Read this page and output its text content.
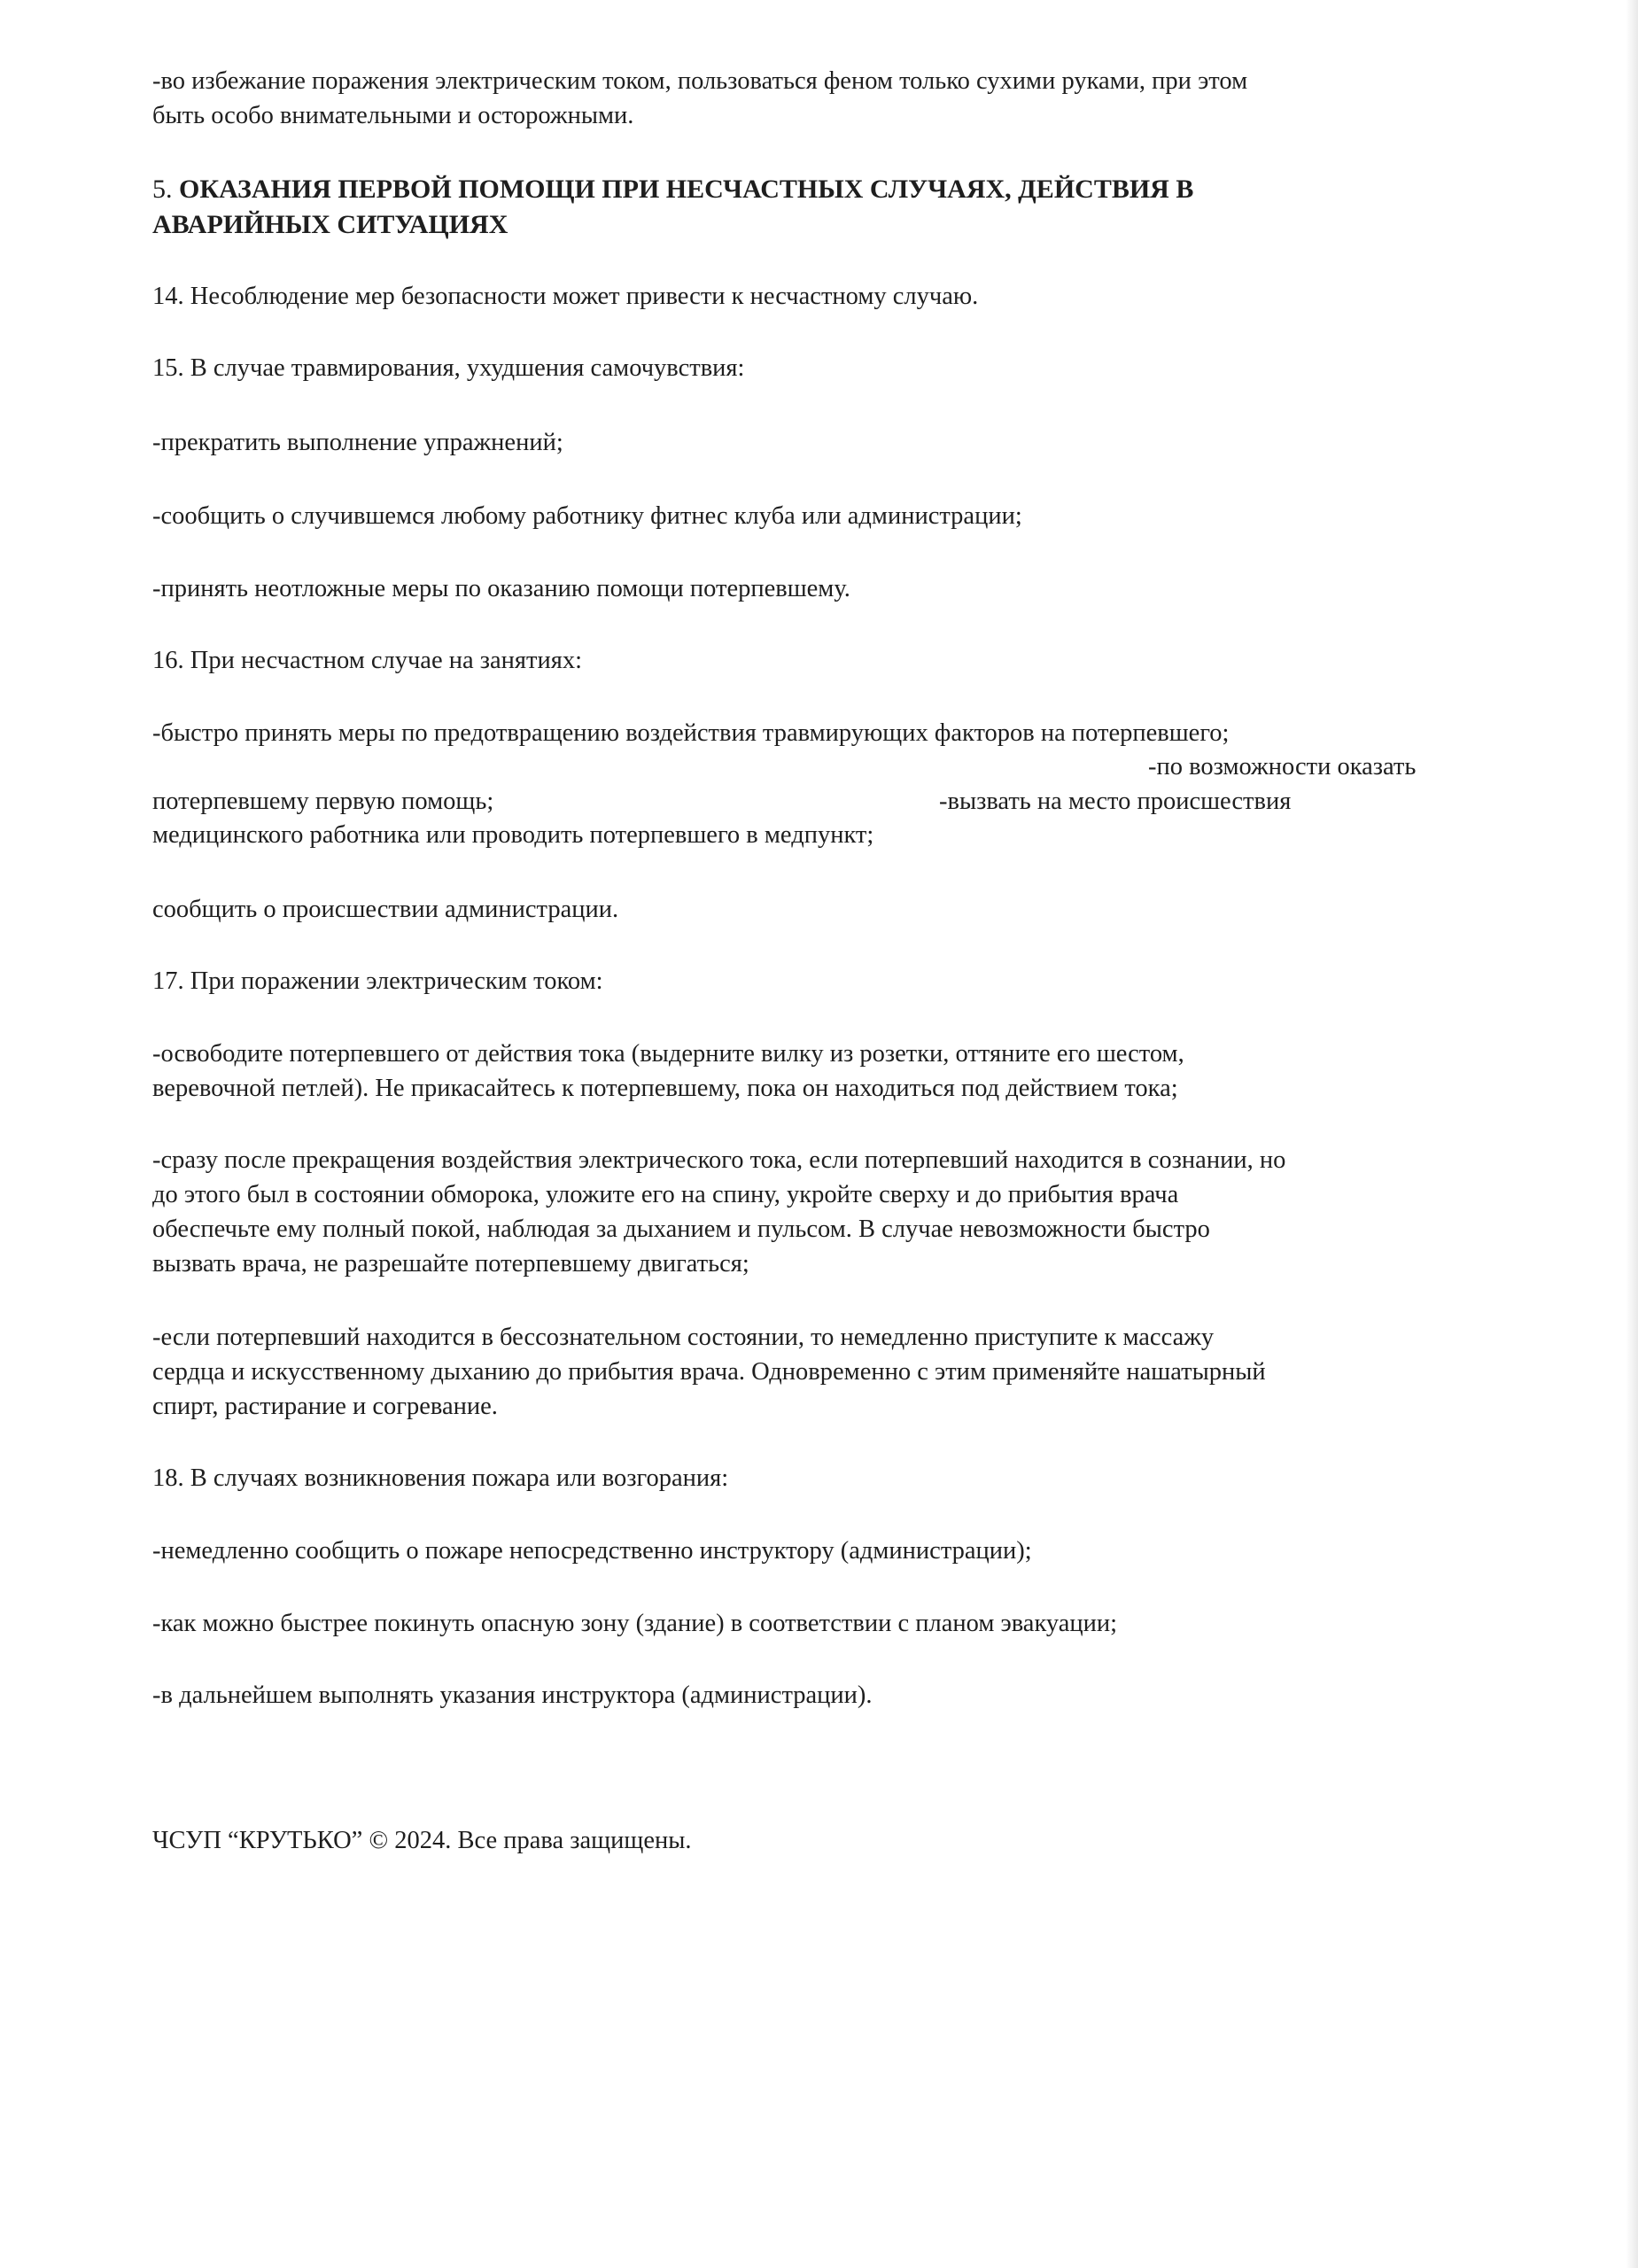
-во избежание поражения электрическим током, пользоваться феном только сухими руками, при этом
быть особо внимательными и осторожными.
5. ОКАЗАНИЯ ПЕРВОЙ ПОМОЩИ ПРИ НЕСЧАСТНЫХ СЛУЧАЯХ, ДЕЙСТВИЯ В
АВАРИЙНЫХ СИТУАЦИЯХ
14. Несоблюдение мер безопасности может привести к несчастному случаю.
15. В случае травмирования, ухудшения самочувствия:
-прекратить выполнение упражнений;
-сообщить о случившемся любому работнику фитнес клуба или администрации;
-принять неотложные меры по оказанию помощи потерпевшему.
16. При несчастном случае на занятиях:
-быстро принять меры по предотвращению воздействия травмирующих факторов на потерпевшего;
-по возможности оказать
потерпевшему первую помощь;	-вызвать на место происшествия
медицинского работника или проводить потерпевшего в медпункт;
сообщить о происшествии администрации.
17. При поражении электрическим током:
-освободите потерпевшего от действия тока (выдерните вилку из розетки, оттяните его шестом,
веревочной петлей). Не прикасайтесь к потерпевшему, пока он находиться под действием тока;
-сразу после прекращения воздействия электрического тока, если потерпевший находится в сознании, но
до этого был в состоянии обморока, уложите его на спину, укройте сверху и до прибытия врача
обеспечьте ему полный покой, наблюдая за дыханием и пульсом. В случае невозможности быстро
вызвать врача, не разрешайте потерпевшему двигаться;
-если потерпевший находится в бессознательном состоянии, то немедленно приступите к массажу
сердца и искусственному дыханию до прибытия врача. Одновременно с этим применяйте нашатырный
спирт, растирание и согревание.
18. В случаях возникновения пожара или возгорания:
-немедленно сообщить о пожаре непосредственно инструктору (администрации);
-как можно быстрее покинуть опасную зону (здание) в соответствии с планом эвакуации;
-в дальнейшем выполнять указания инструктора (администрации).
ЧСУП “КРУТЬКО” © 2024. Все права защищены.
